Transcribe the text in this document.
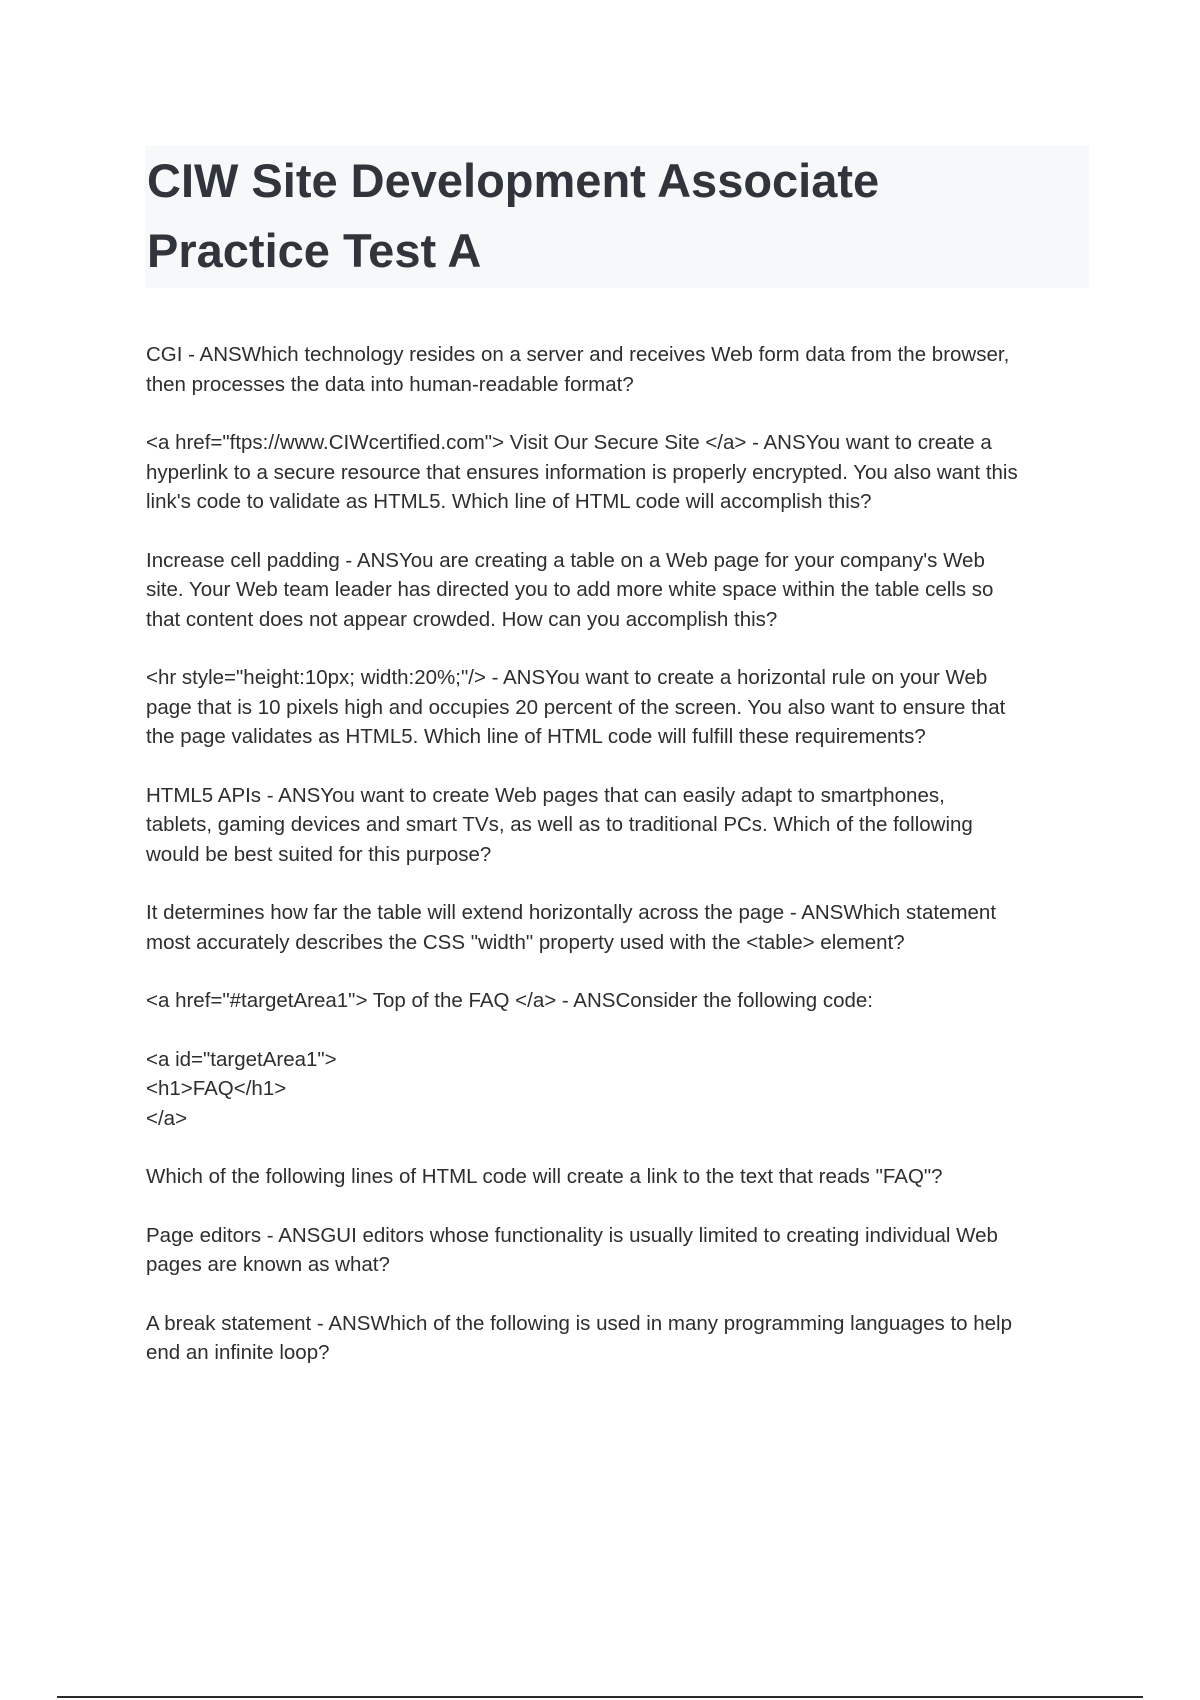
CIW Site Development Associate
Practice Test A

CGI - ANSWhich technology resides on a server and receives Web form data from the browser,
then processes the data into human-readable format?

<a href="ftps://www.CIWcertified.com"> Visit Our Secure Site </a> - ANSYou want to create a
hyperlink to a secure resource that ensures information is properly encrypted. You also want this
link's code to validate as HTML5. Which line of HTML code will accomplish this?

Increase cell padding - ANSYou are creating a table on a Web page for your company's Web
site. Your Web team leader has directed you to add more white space within the table cells so
that content does not appear crowded. How can you accomplish this?

<hr style="height:10px; width:20%;"/> - ANSYou want to create a horizontal rule on your Web
page that is 10 pixels high and occupies 20 percent of the screen. You also want to ensure that
the page validates as HTML5. Which line of HTML code will fulfill these requirements?

HTML5 APIs - ANSYou want to create Web pages that can easily adapt to smartphones,
tablets, gaming devices and smart TVs, as well as to traditional PCs. Which of the following
would be best suited for this purpose?

It determines how far the table will extend horizontally across the page - ANSWhich statement
most accurately describes the CSS "width" property used with the <table> element?

<a href="#targetArea1"> Top of the FAQ </a> - ANSConsider the following code:

<a id="targetArea1">
<h1>FAQ</h1>
</a>

Which of the following lines of HTML code will create a link to the text that reads "FAQ"?

Page editors - ANSGUI editors whose functionality is usually limited to creating individual Web
pages are known as what?

A break statement - ANSWhich of the following is used in many programming languages to help
end an infinite loop?
